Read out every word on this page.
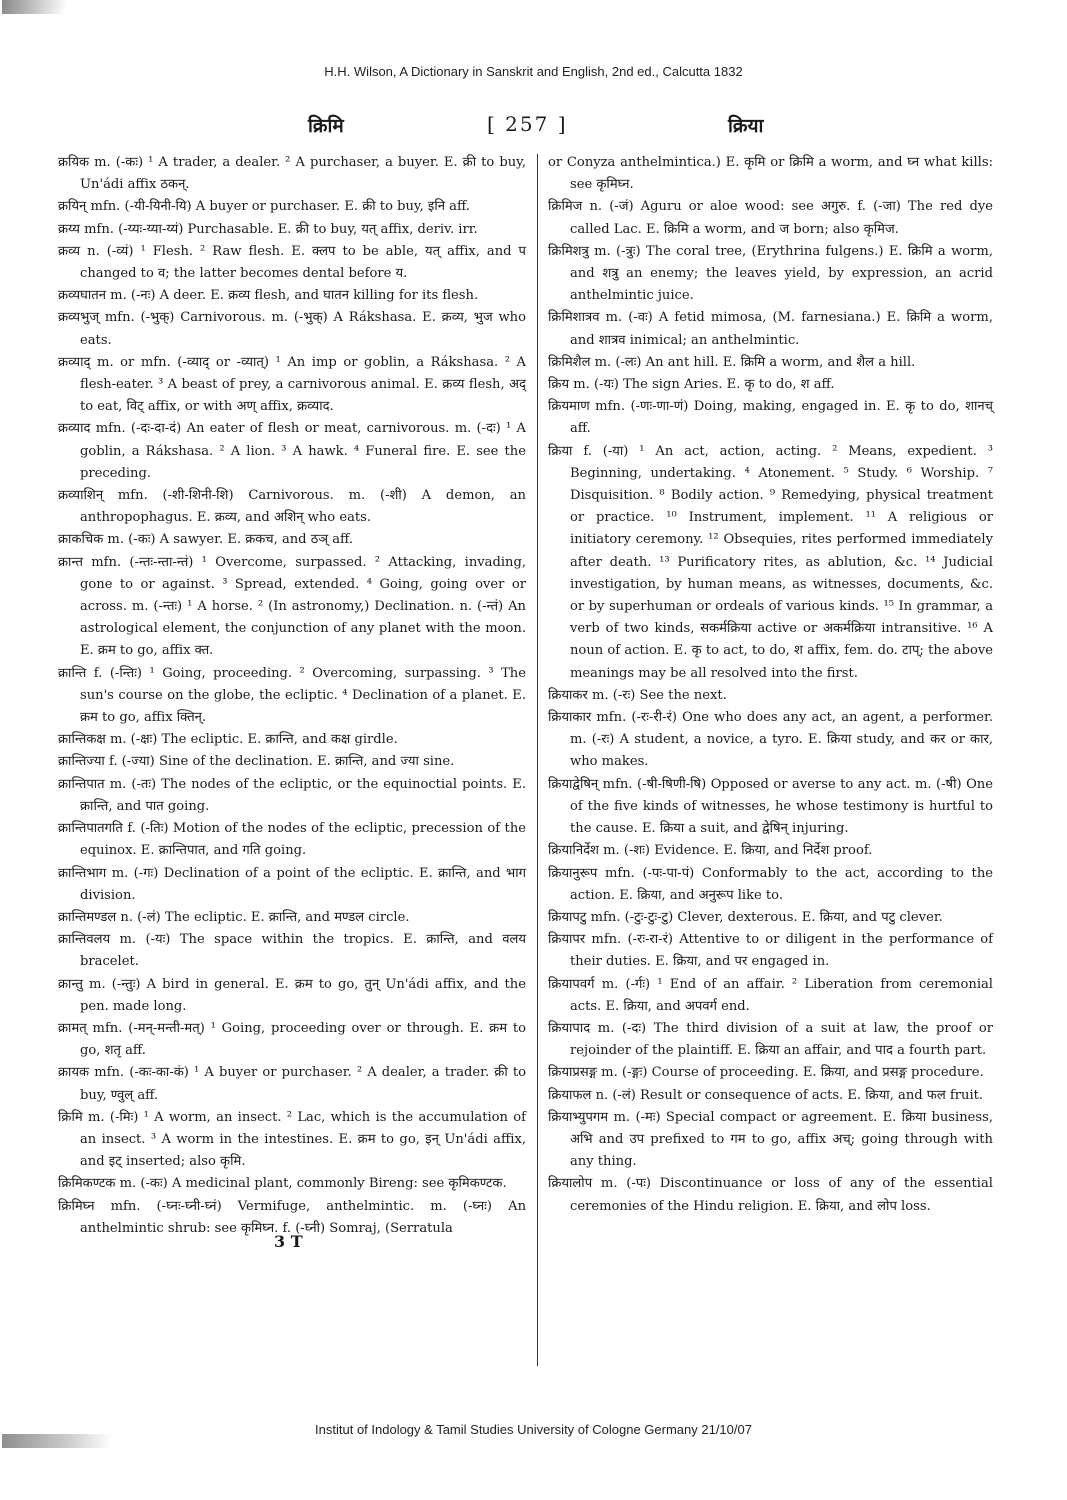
H.H. Wilson, A Dictionary in Sanskrit and English, 2nd ed., Calcutta 1832
क्रिमि	[ 257 ]	क्रिया

क्रयिक m. (-कः) ¹ A trader, a dealer. ² A purchaser, a buyer. E. क्री to buy, Un'ádi affix ठकन्.

क्रयिन् mfn. (-यी-यिनी-यि) A buyer or purchaser. E. क्री to buy, इनि aff.

क्रय्य mfn. (-य्यः-य्या-य्यं) Purchasable. E. क्री to buy, यत् affix, deriv. irr.

क्रव्य n. (-व्यं) ¹ Flesh. ² Raw flesh. E. क्लप to be able, यत् affix, and प changed to व; the latter becomes dental before य.

क्रव्यघातन m. (-नः) A deer. E. क्रव्य flesh, and घातन killing for its flesh.

क्रव्यभुज् mfn. (-भुक्) Carnivorous. m. (-भुक्) A Rákshasa. E. क्रव्य, भुज who eats.

क्रव्याद् m. or mfn. (-व्याद् or -व्यात्) ¹ An imp or goblin, a Rákshasa. ² A flesh-eater. ³ A beast of prey, a carnivorous animal. E. क्रव्य flesh, अद् to eat, विट् affix, or with अण् affix, क्रव्याद.

क्रव्याद mfn. (-दः-दा-दं) An eater of flesh or meat, carnivorous. m. (-दः) ¹ A goblin, a Rákshasa. ² A lion. ³ A hawk. ⁴ Funeral fire. E. see the preceding.

क्रव्याशिन् mfn. (-शी-शिनी-शि) Carnivorous. m. (-शी) A demon, an anthropophagus. E. क्रव्य, and अशिन् who eats.

क्राकचिक m. (-कः) A sawyer. E. क्रकच, and ठञ् aff.

क्रान्त mfn. (-न्तः-न्ता-न्तं) ¹ Overcome, surpassed. ² Attacking, invading, gone to or against. ³ Spread, extended. ⁴ Going, going over or across. m. (-न्तः) ¹ A horse. ² (In astronomy,) Declination. n. (-न्तं) An astrological element, the conjunction of any planet with the moon. E. क्रम to go, affix क्त.

क्रान्ति f. (-न्तिः) ¹ Going, proceeding. ² Overcoming, surpassing. ³ The sun's course on the globe, the ecliptic. ⁴ Declination of a planet. E. क्रम to go, affix क्तिन्.

क्रान्तिकक्ष m. (-क्षः) The ecliptic. E. क्रान्ति, and कक्ष girdle.

क्रान्तिज्या f. (-ज्या) Sine of the declination. E. क्रान्ति, and ज्या sine.

क्रान्तिपात m. (-तः) The nodes of the ecliptic, or the equinoctial points. E. क्रान्ति, and पात going.

क्रान्तिपातगति f. (-तिः) Motion of the nodes of the ecliptic, precession of the equinox. E. क्रान्तिपात, and गति going.

क्रान्तिभाग m. (-गः) Declination of a point of the ecliptic. E. क्रान्ति, and भाग division.

क्रान्तिमण्डल n. (-लं) The ecliptic. E. क्रान्ति, and मण्डल circle.

क्रान्तिवलय m. (-यः) The space within the tropics. E. क्रान्ति, and वलय bracelet.

क्रान्तु m. (-न्तुः) A bird in general. E. क्रम to go, तुन् Un'ádi affix, and the pen. made long.

क्रामत् mfn. (-मन्-मन्ती-मत्) ¹ Going, proceeding over or through. E. क्रम to go, शतृ aff.

क्रायक mfn. (-कः-का-कं) ¹ A buyer or purchaser. ² A dealer, a trader. क्री to buy, ण्वुल् aff.

क्रिमि m. (-मिः) ¹ A worm, an insect. ² Lac, which is the accumulation of an insect. ³ A worm in the intestines. E. क्रम to go, इन् Un'ádi affix, and इट् inserted; also कृमि.

क्रिमिकण्टक m. (-कः) A medicinal plant, commonly Bireng: see कृमिकण्टक.

क्रिमिघ्न mfn. (-घ्नः-घ्नी-घ्नं) Vermifuge, anthelmintic. m. (-घ्नः) An anthelmintic shrub: see कृमिघ्न. f. (-घ्नी) Somraj, (Serratula

or Conyza anthelmintica.) E. कृमि or क्रिमि a worm, and घ्न what kills: see कृमिघ्न.

क्रिमिज n. (-जं) Aguru or aloe wood: see अगुरु. f. (-जा) The red dye called Lac. E. क्रिमि a worm, and ज born; also कृमिज.

क्रिमिशत्रु m. (-त्रुः) The coral tree, (Erythrina fulgens.) E. क्रिमि a worm, and शत्रु an enemy; the leaves yield, by expression, an acrid anthelmintic juice.

क्रिमिशात्रव m. (-वः) A fetid mimosa, (M. farnesiana.) E. क्रिमि a worm, and शात्रव inimical; an anthelmintic.

क्रिमिशैल m. (-लः) An ant hill. E. क्रिमि a worm, and शैल a hill.

क्रिय m. (-यः) The sign Aries. E. कृ to do, श aff.

क्रियमाण mfn. (-णः-णा-णं) Doing, making, engaged in. E. कृ to do, शानच् aff.

क्रिया f. (-या) ¹ An act, action, acting. ² Means, expedient. ³ Beginning, undertaking. ⁴ Atonement. ⁵ Study. ⁶ Worship. ⁷ Disquisition. ⁸ Bodily action. ⁹ Remedying, physical treatment or practice. ¹⁰ Instrument, implement. ¹¹ A religious or initiatory ceremony. ¹² Obsequies, rites performed immediately after death. ¹³ Purificatory rites, as ablution, &c. ¹⁴ Judicial investigation, by human means, as witnesses, documents, &c. or by superhuman or ordeals of various kinds. ¹⁵ In grammar, a verb of two kinds, सकर्मक्रिया active or अकर्मक्रिया intransitive. ¹⁶ A noun of action. E. कृ to act, to do, श affix, fem. do. टाप्; the above meanings may be all resolved into the first.

क्रियाकर m. (-रः) See the next.

क्रियाकार mfn. (-रः-री-रं) One who does any act, an agent, a performer. m. (-रः) A student, a novice, a tyro. E. क्रिया study, and कर or कार, who makes.

क्रियाद्वेषिन् mfn. (-षी-षिणी-षि) Opposed or averse to any act. m. (-षी) One of the five kinds of witnesses, he whose testimony is hurtful to the cause. E. क्रिया a suit, and द्वेषिन् injuring.

क्रियानिर्देश m. (-शः) Evidence. E. क्रिया, and निर्देश proof.

क्रियानुरूप mfn. (-पः-पा-पं) Conformably to the act, according to the action. E. क्रिया, and अनुरूप like to.

क्रियापटु mfn. (-टुः-टुः-टु) Clever, dexterous. E. क्रिया, and पटु clever.

क्रियापर mfn. (-रः-रा-रं) Attentive to or diligent in the performance of their duties. E. क्रिया, and पर engaged in.

क्रियापवर्ग m. (-र्गः) ¹ End of an affair. ² Liberation from ceremonial acts. E. क्रिया, and अपवर्ग end.

क्रियापाद m. (-दः) The third division of a suit at law, the proof or rejoinder of the plaintiff. E. क्रिया an affair, and पाद a fourth part.

क्रियाप्रसङ्ग m. (-ङ्गः) Course of proceeding. E. क्रिया, and प्रसङ्ग procedure.

क्रियाफल n. (-लं) Result or consequence of acts. E. क्रिया, and फल fruit.

क्रियाभ्युपगम m. (-मः) Special compact or agreement. E. क्रिया business, अभि and उप prefixed to गम to go, affix अच्; going through with any thing.

क्रियालोप m. (-पः) Discontinuance or loss of any of the essential ceremonies of the Hindu religion. E. क्रिया, and लोप loss.

3 T
Institut of Indology & Tamil Studies University of Cologne Germany 21/10/07
